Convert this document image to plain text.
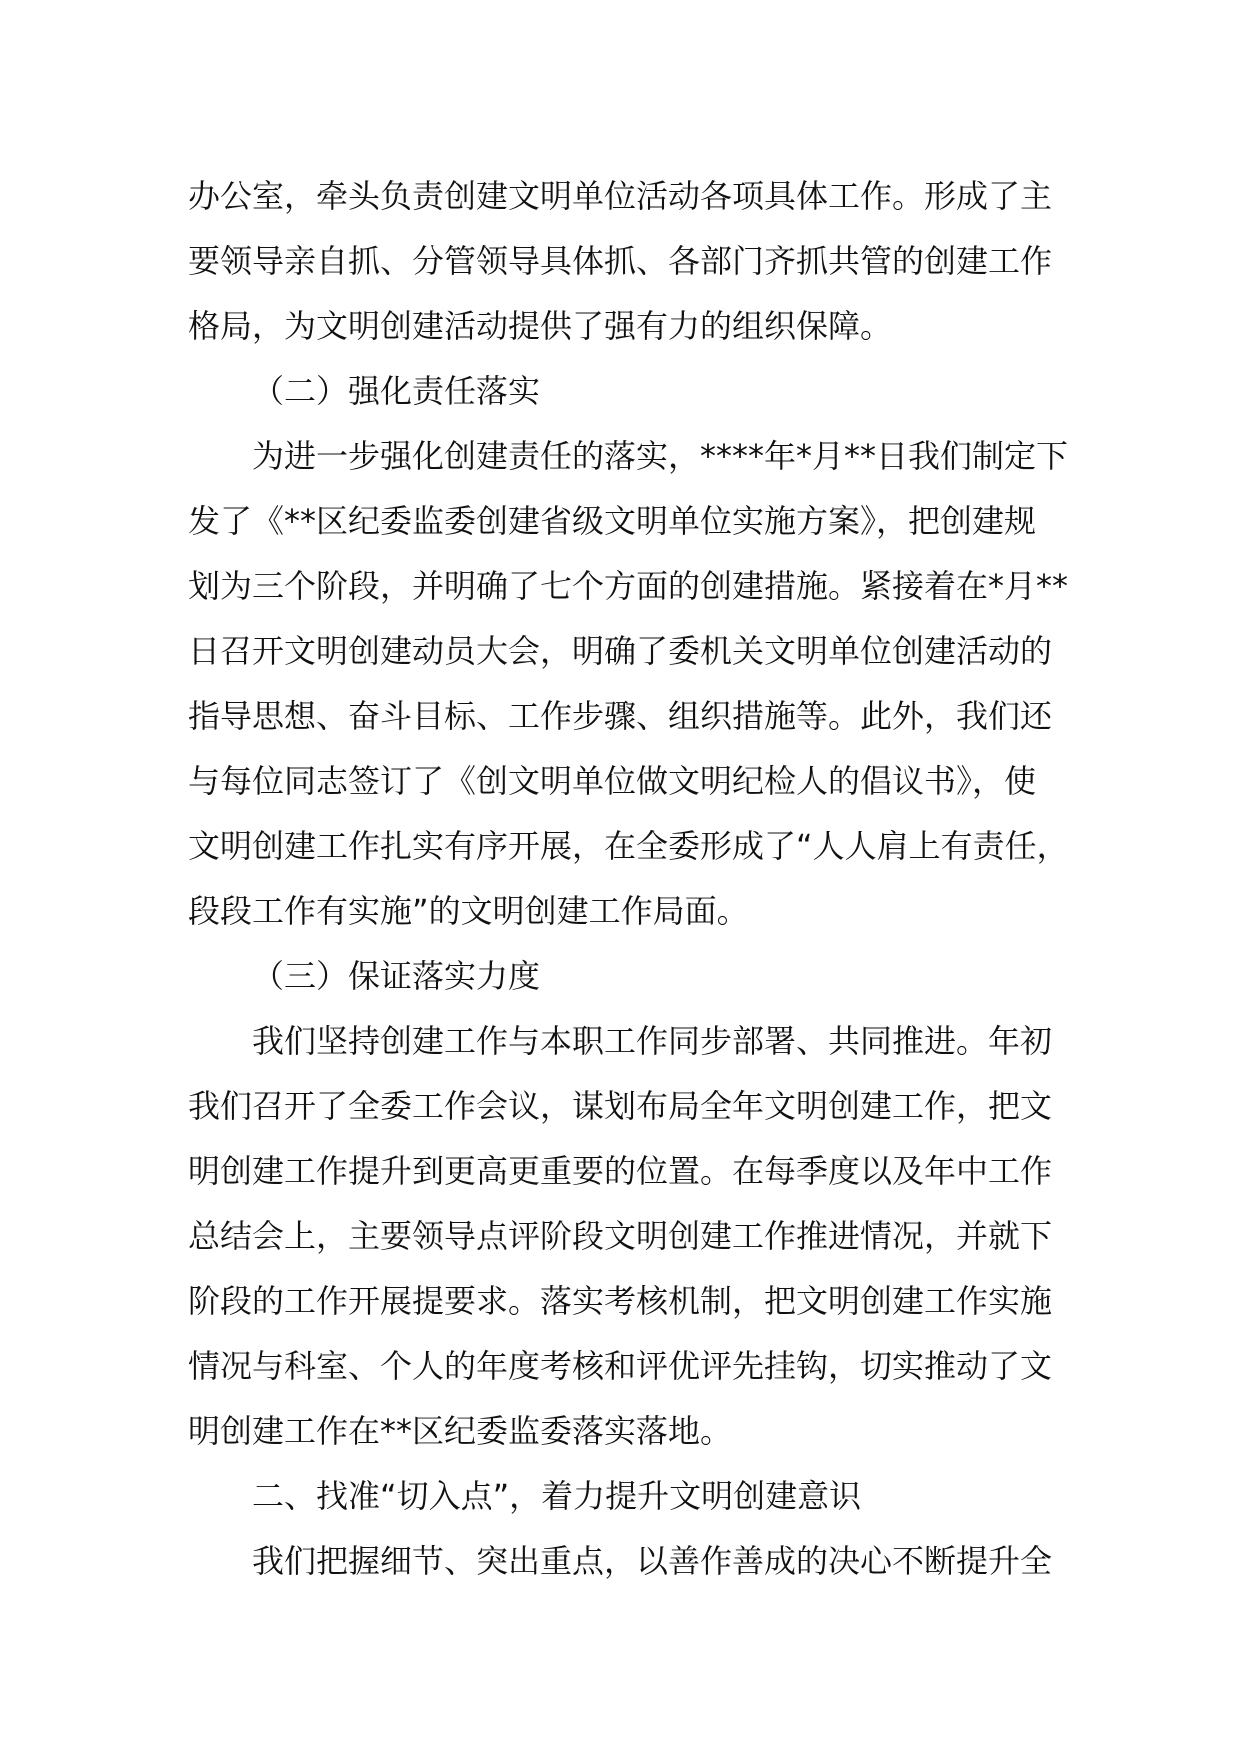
办公室，牵头负责创建文明单位活动各项具体工作。形成了主
要领导亲自抓、分管领导具体抓、各部门齐抓共管的创建工作
格局，为文明创建活动提供了强有力的组织保障。
（二）强化责任落实
为进一步强化创建责任的落实，****年*月**日我们制定下
发了《**区纪委监委创建省级文明单位实施方案》，把创建规
划为三个阶段，并明确了七个方面的创建措施。紧接着在*月**
日召开文明创建动员大会，明确了委机关文明单位创建活动的
指导思想、奋斗目标、工作步骤、组织措施等。此外，我们还
与每位同志签订了《创文明单位做文明纪检人的倡议书》，使
文明创建工作扎实有序开展，在全委形成了“人人肩上有责任，
段段工作有实施”的文明创建工作局面。
（三）保证落实力度
我们坚持创建工作与本职工作同步部署、共同推进。年初
我们召开了全委工作会议，谋划布局全年文明创建工作，把文
明创建工作提升到更高更重要的位置。在每季度以及年中工作
总结会上，主要领导点评阶段文明创建工作推进情况，并就下
阶段的工作开展提要求。落实考核机制，把文明创建工作实施
情况与科室、个人的年度考核和评优评先挂钩，切实推动了文
明创建工作在**区纪委监委落实落地。
二、找准“切入点”，着力提升文明创建意识
我们把握细节、突出重点，以善作善成的决心不断提升全
